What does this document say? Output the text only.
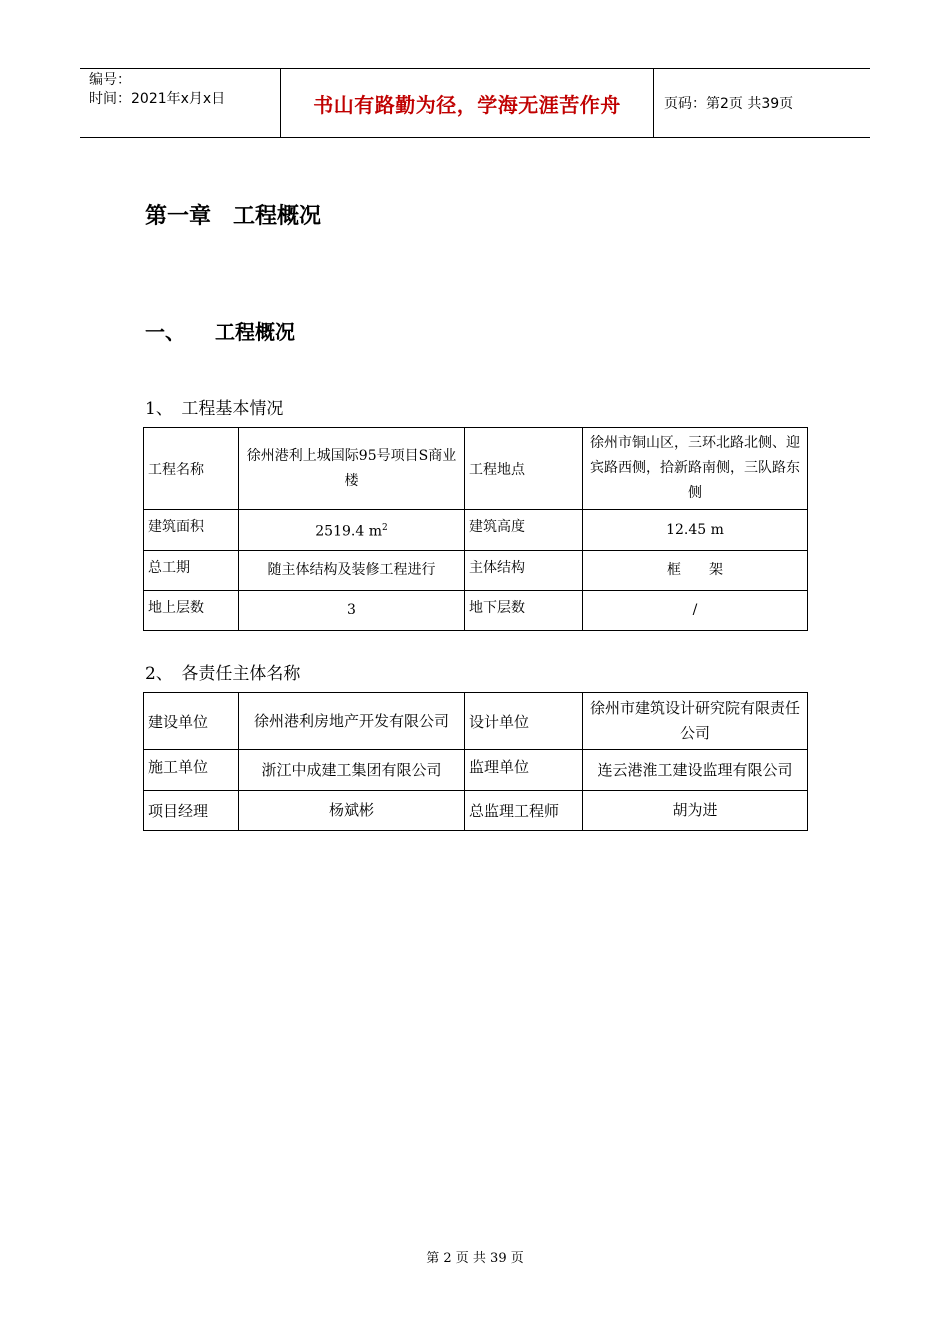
编号：
时间：2021年x月x日	书山有路勤为径，学海无涯苦作舟	页码：第2页 共39页
第一章　工程概况
一、　　工程概况
1、　工程基本情况
工程名称	徐州港利上城国际95号项目S商业楼	工程地点	徐州市铜山区，三环北路北侧、迎宾路西侧，拾新路南侧，三队路东侧
建筑面积	2519.4 $m^2$	建筑高度	12.45 m
总工期	随主体结构及装修工程进行	主体结构	框　　架
地上层数	3	地下层数	/
2、　各责任主体名称
建设单位	徐州港利房地产开发有限公司	设计单位	徐州市建筑设计研究院有限责任公司
施工单位	浙江中成建工集团有限公司	监理单位	连云港淮工建设监理有限公司
项目经理	杨斌彬	总监理工程师	胡为进
第 2 页 共 39 页
